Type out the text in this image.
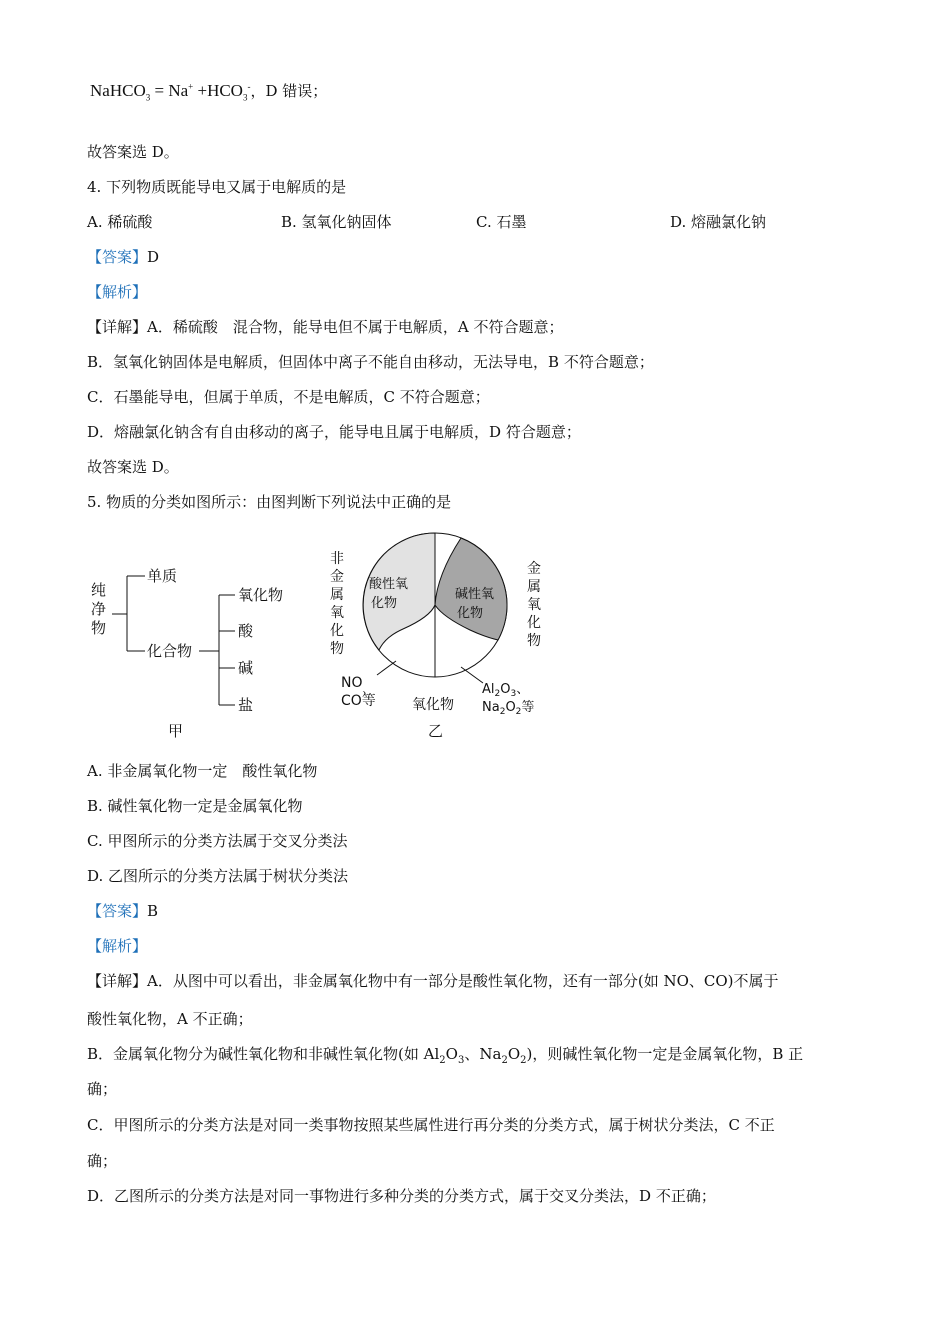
NaHCO$_3$ = $Na^+ +HCO_3^-$，D 错误；
故答案选 D。
4. 下列物质既能导电又属于电解质的是
A. 稀硫酸	B. 氢氧化钠固体	C. 石墨	D. 熔融氯化钠
【答案】D
【解析】
【详解】A．稀硫酸　混合物，能导电但不属于电解质，A 不符合题意；
B．氢氧化钠固体是电解质，但固体中离子不能自由移动，无法导电，B 不符合题意；
C．石墨能导电，但属于单质，不是电解质，C 不符合题意；
D．熔融氯化钠含有自由移动的离子，能导电且属于电解质，D 符合题意；
故答案选 D。
5. 物质的分类如图所示：由图判断下列说法中正确的是
纯
净
物
单质
化合物
氧化物
酸
碱
盐
甲
非
金
属
氧
化
物
金
属
氧
化
物
酸性氧
化物
碱性氧
化物
$NO_、$
CO等	氧化物
$Al_2O_3$、
$Na_2O_2$等
乙
A. 非金属氧化物一定　酸性氧化物
B. 碱性氧化物一定是金属氧化物
C. 甲图所示的分类方法属于交叉分类法
D. 乙图所示的分类方法属于树状分类法
【答案】B
【解析】
【详解】A．从图中可以看出，非金属氧化物中有一部分是酸性氧化物，还有一部分(如 NO、CO)不属于
酸性氧化物，A 不正确；
B．金属氧化物分为碱性氧化物和非碱性氧化物(如 $Al_2O_3$、$Na_2O_2$)，则碱性氧化物一定是金属氧化物，B 正
确；
C．甲图所示的分类方法是对同一类事物按照某些属性进行再分类的分类方式，属于树状分类法，C 不正
确；
D．乙图所示的分类方法是对同一事物进行多种分类的分类方式，属于交叉分类法，D 不正确；
